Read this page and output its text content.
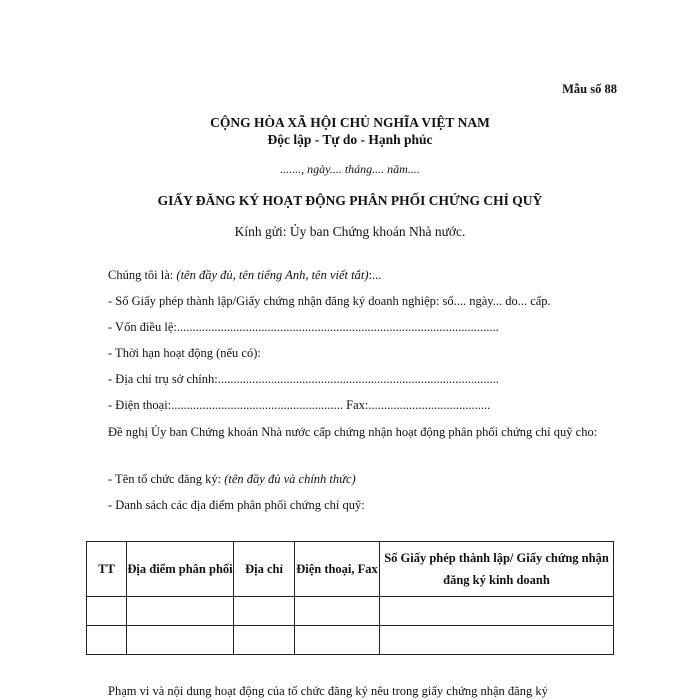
Mẫu số 88
CỘNG HÒA XÃ HỘI CHỦ NGHĨA VIỆT NAM
Độc lập - Tự do - Hạnh phúc
......., ngày.... tháng.... năm....
GIẤY ĐĂNG KÝ HOẠT ĐỘNG PHÂN PHỐI CHỨNG CHỈ QUỸ
Kính gửi: Ủy ban Chứng khoán Nhà nước.
Chúng tôi là: (tên đầy đủ, tên tiếng Anh, tên viết tắt):...
- Số Giấy phép thành lập/Giấy chứng nhận đăng ký doanh nghiệp: số.... ngày... do... cấp.
- Vốn điều lệ:.......................................................................................................
- Thời hạn hoạt động (nếu có):
- Địa chỉ trụ sở chính:..........................................................................................
- Điện thoại:....................................................... Fax:.......................................
Đề nghị Ủy ban Chứng khoán Nhà nước cấp chứng nhận hoạt động phân phối chứng chỉ quỹ cho:
- Tên tổ chức đăng ký: (tên đầy đủ và chính thức)
- Danh sách các địa điểm phân phối chứng chỉ quỹ:
TT	Địa điểm phân phối	Địa chỉ	Điện thoại, Fax	Số Giấy phép thành lập/ Giấy chứng nhận đăng ký kinh doanh

Phạm vi và nội dung hoạt động của tổ chức đăng ký nêu trong giấy chứng nhận đăng ký
